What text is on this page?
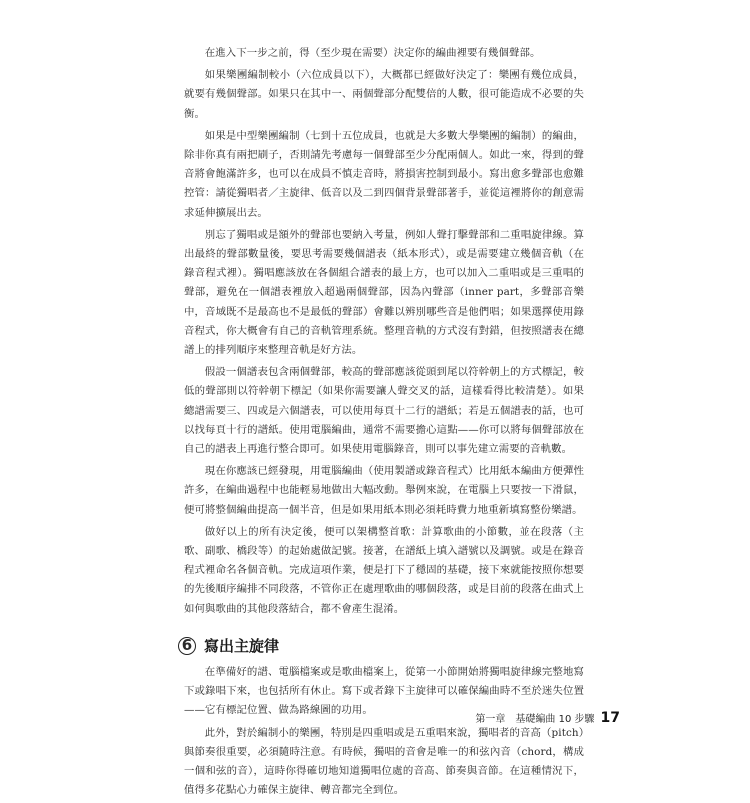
在進入下一步之前，得（至少現在需要）決定你的編曲裡要有幾個聲部。

如果樂團編制較小（六位成員以下），大概都已經做好決定了：樂團有幾位成員，就要有幾個聲部。如果只在其中一、兩個聲部分配雙倍的人數，很可能造成不必要的失衡。

如果是中型樂團編制（七到十五位成員，也就是大多數大學樂團的編制）的編曲，除非你真有兩把刷子，否則請先考慮每一個聲部至少分配兩個人。如此一來，得到的聲音將會飽滿許多，也可以在成員不慎走音時，將損害控制到最小。寫出愈多聲部也愈難控管：請從獨唱者／主旋律、低音以及二到四個背景聲部著手，並從這裡將你的創意需求延伸擴展出去。

別忘了獨唱或是額外的聲部也要納入考量，例如人聲打擊聲部和二重唱旋律線。算出最終的聲部數量後，要思考需要幾個譜表（紙本形式），或是需要建立幾個音軌（在錄音程式裡）。獨唱應該放在各個組合譜表的最上方，也可以加入二重唱或是三重唱的聲部，避免在一個譜表裡放入超過兩個聲部，因為內聲部（inner part，多聲部音樂中，音域既不是最高也不是最低的聲部）會難以辨別哪些音是他們唱；如果選擇使用錄音程式，你大概會有自己的音軌管理系統。整理音軌的方式沒有對錯，但按照譜表在總譜上的排列順序來整理音軌是好方法。

假設一個譜表包含兩個聲部，較高的聲部應該從頭到尾以符幹朝上的方式標記，較低的聲部則以符幹朝下標記（如果你需要讓人聲交叉的話，這樣看得比較清楚）。如果總譜需要三、四或是六個譜表，可以使用每頁十二行的譜紙；若是五個譜表的話，也可以找每頁十行的譜紙。使用電腦編曲，通常不需要擔心這點——你可以將每個聲部放在自己的譜表上再進行整合即可。如果使用電腦錄音，則可以事先建立需要的音軌數。

現在你應該已經發現，用電腦編曲（使用製譜或錄音程式）比用紙本編曲方便彈性許多，在編曲過程中也能輕易地做出大幅改動。舉例來說，在電腦上只要按一下滑鼠，便可將整個編曲提高一個半音，但是如果用紙本則必須耗時費力地重新填寫整份樂譜。

做好以上的所有決定後，便可以架構整首歌：計算歌曲的小節數，並在段落（主歌、副歌、橋段等）的起始處做記號。接著，在譜紙上填入譜號以及調號。或是在錄音程式裡命名各個音軌。完成這項作業，便是打下了穩固的基礎，接下來就能按照你想要的先後順序編排不同段落，不管你正在處理歌曲的哪個段落，或是目前的段落在曲式上如何與歌曲的其他段落結合，都不會產生混淆。

6 寫出主旋律

在準備好的譜、電腦檔案或是歌曲檔案上，從第一小節開始將獨唱旋律線完整地寫下或錄唱下來，也包括所有休止。寫下或者錄下主旋律可以確保編曲時不至於迷失位置——它有標記位置、做為路線圖的功用。

此外，對於編制小的樂團，特別是四重唱或是五重唱來說，獨唱者的音高（pitch）與節奏很重要，必須隨時注意。有時候，獨唱的音會是唯一的和弦內音（chord，構成一個和弦的音），這時你得確切地知道獨唱位處的音高、節奏與音節。在這種情況下，值得多花點心力確保主旋律、轉音都完全到位。

第一章　基礎編曲 10 步驟 17
